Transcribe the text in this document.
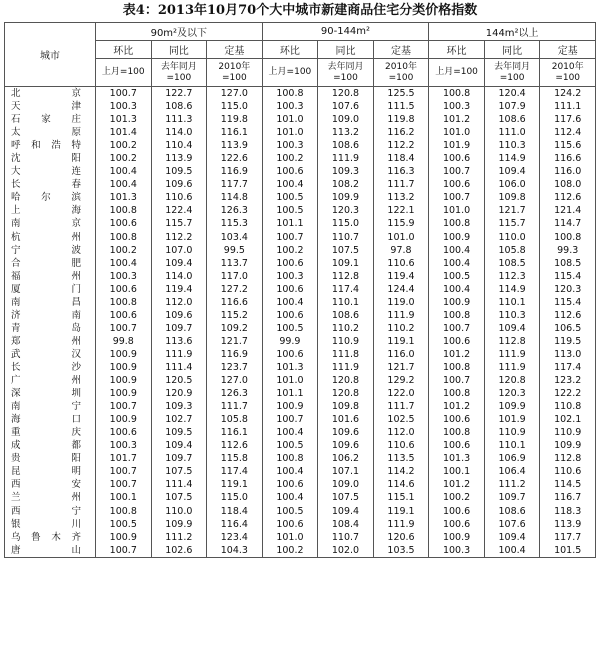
表4：2013年10月70个大中城市新建商品住宅分类价格指数
城市	90m²及以下			90-144m²			144m²以上		
	环比	同比	定基	环比	同比	定基	环比	同比	定基
	上月=100	去年同月=100	2010年=100	上月=100	去年同月=100	2010年=100	上月=100	去年同月=100	2010年=100
北京	100.7	122.7	127.0	100.8	120.8	125.5	100.8	120.4	124.2
天津	100.3	108.6	115.0	100.3	107.6	111.5	100.3	107.9	111.1
石家庄	101.3	111.3	119.8	101.0	109.0	119.8	101.2	108.6	117.6
太原	101.4	114.0	116.1	101.0	113.2	116.2	101.0	111.0	112.4
呼和浩特	100.2	110.4	113.9	100.3	108.6	112.2	101.9	110.3	115.6
沈阳	100.2	113.9	122.6	100.2	111.9	118.4	100.6	114.9	116.6
大连	100.4	109.5	116.9	100.6	109.3	116.3	100.7	109.4	116.0
长春	100.4	109.6	117.7	100.4	108.2	111.7	100.6	106.0	108.0
哈尔滨	101.3	110.6	114.8	100.5	109.9	113.2	100.7	109.8	112.6
上海	100.8	122.4	126.3	100.5	120.3	122.1	101.0	121.7	121.4
南京	100.6	115.7	115.3	101.1	115.0	115.9	100.8	115.7	114.7
杭州	100.8	112.2	103.4	100.7	110.7	101.0	100.9	110.0	100.8
宁波	100.2	107.0	99.5	100.2	107.5	97.8	100.4	105.8	99.3
合肥	100.4	109.4	113.7	100.6	109.1	110.6	100.4	108.5	108.5
福州	100.3	114.0	117.0	100.3	112.8	119.4	100.5	112.3	115.4
厦门	100.6	119.4	127.2	100.6	117.4	124.4	100.4	114.9	120.3
南昌	100.8	112.0	116.6	100.4	110.1	119.0	100.9	110.1	115.4
济南	100.6	109.6	115.2	100.6	108.6	111.9	100.8	110.3	112.6
青岛	100.7	109.7	109.2	100.5	110.2	110.2	100.7	109.4	106.5
郑州	99.8	113.6	121.7	99.9	110.9	119.1	100.6	112.8	119.5
武汉	100.9	111.9	116.9	100.6	111.8	116.0	101.2	111.9	113.0
长沙	100.9	111.4	123.7	101.3	111.9	121.7	100.8	111.9	117.4
广州	100.9	120.5	127.0	101.0	120.8	129.2	100.7	120.8	123.2
深圳	100.9	120.9	126.3	101.1	120.8	122.0	100.8	120.3	122.2
南宁	100.7	109.3	111.7	100.9	109.8	111.7	101.2	109.9	110.8
海口	100.9	102.7	105.8	100.7	101.6	102.5	100.6	101.9	102.1
重庆	100.6	109.5	116.1	100.4	109.6	112.0	100.8	110.9	110.9
成都	100.3	109.4	112.6	100.5	109.6	110.6	100.6	110.1	109.9
贵阳	101.7	109.7	115.8	100.8	106.2	113.5	101.3	106.9	112.8
昆明	100.7	107.5	117.4	100.4	107.1	114.2	100.1	106.4	110.6
西安	100.7	111.4	119.1	100.6	109.0	114.6	101.2	111.2	114.5
兰州	100.1	107.5	115.0	100.4	107.5	115.1	100.2	109.7	116.7
西宁	100.8	110.0	118.4	100.5	109.4	119.1	100.6	108.6	118.3
银川	100.5	109.9	116.4	100.6	108.4	111.9	100.6	107.6	113.9
乌鲁木齐	100.9	111.2	123.4	101.0	110.7	120.6	100.9	109.4	117.7
唐山	100.7	102.6	104.3	100.2	102.0	103.5	100.3	100.4	101.5
